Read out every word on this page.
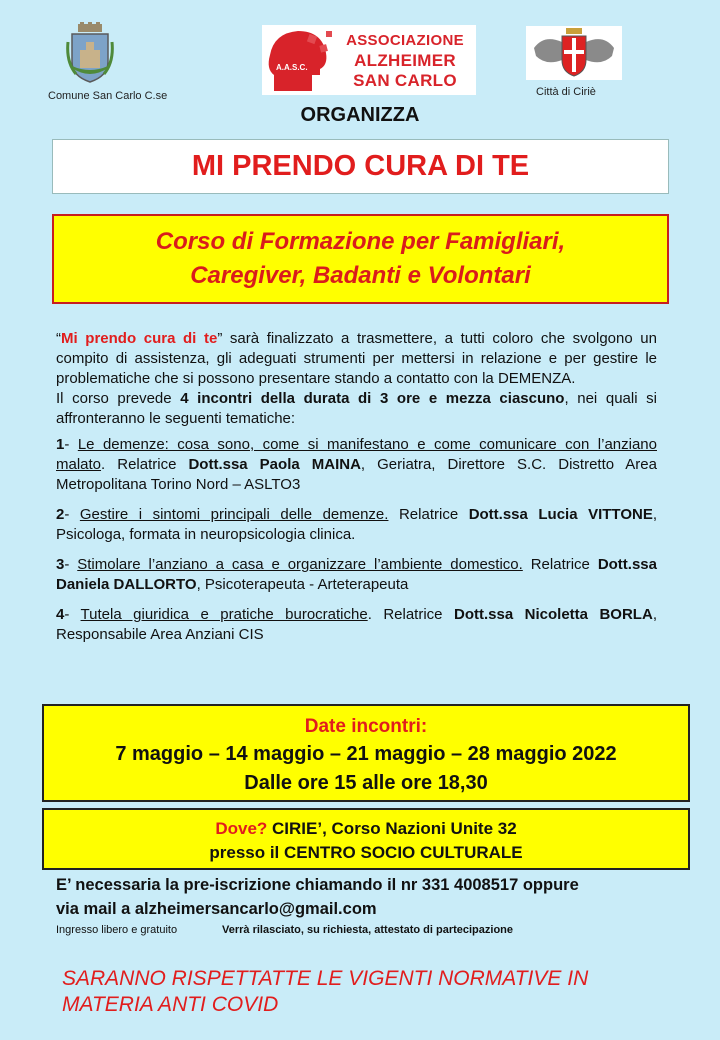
Comune San Carlo C.se
A.A.S.C.
ASSOCIAZIONE
ALZHEIMER
SAN CARLO
Città di Ciriè
ORGANIZZA
MI PRENDO CURA DI TE
Corso di Formazione per Famigliari,
Caregiver, Badanti e Volontari

“Mi prendo cura di te” sarà finalizzato a trasmettere, a tutti coloro che svolgono un compito di assistenza, gli adeguati strumenti per mettersi in relazione e per gestire le problematiche che si possono presentare stando a contatto con la DEMENZA.

Il corso prevede 4 incontri della durata di 3 ore e mezza ciascuno, nei quali si affronteranno le seguenti tematiche:

1- Le demenze: cosa sono, come si manifestano e come comunicare con l’anziano malato. Relatrice Dott.ssa Paola MAINA, Geriatra, Direttore S.C. Distretto Area Metropolitana Torino Nord – ASLTO3

2- Gestire i sintomi principali delle demenze. Relatrice Dott.ssa Lucia VITTONE, Psicologa, formata in neuropsicologia clinica.

3- Stimolare l’anziano a casa e organizzare l’ambiente domestico. Relatrice Dott.ssa Daniela DALLORTO, Psicoterapeuta - Arteterapeuta

4- Tutela giuridica e pratiche burocratiche. Relatrice Dott.ssa Nicoletta BORLA, Responsabile Area Anziani CIS

Date incontri:
7 maggio – 14 maggio – 21 maggio – 28 maggio 2022
Dalle ore 15 alle ore 18,30
Dove? CIRIE’, Corso Nazioni Unite 32
presso il CENTRO SOCIO CULTURALE
E’ necessaria la pre-iscrizione chiamando il nr 331 4008517 oppure
via mail a alzheimersancarlo@gmail.com
Ingresso libero e gratuito	Verrà rilasciato, su richiesta, attestato di partecipazione
SARANNO RISPETTATTE LE VIGENTI NORMATIVE IN
MATERIA ANTI COVID
